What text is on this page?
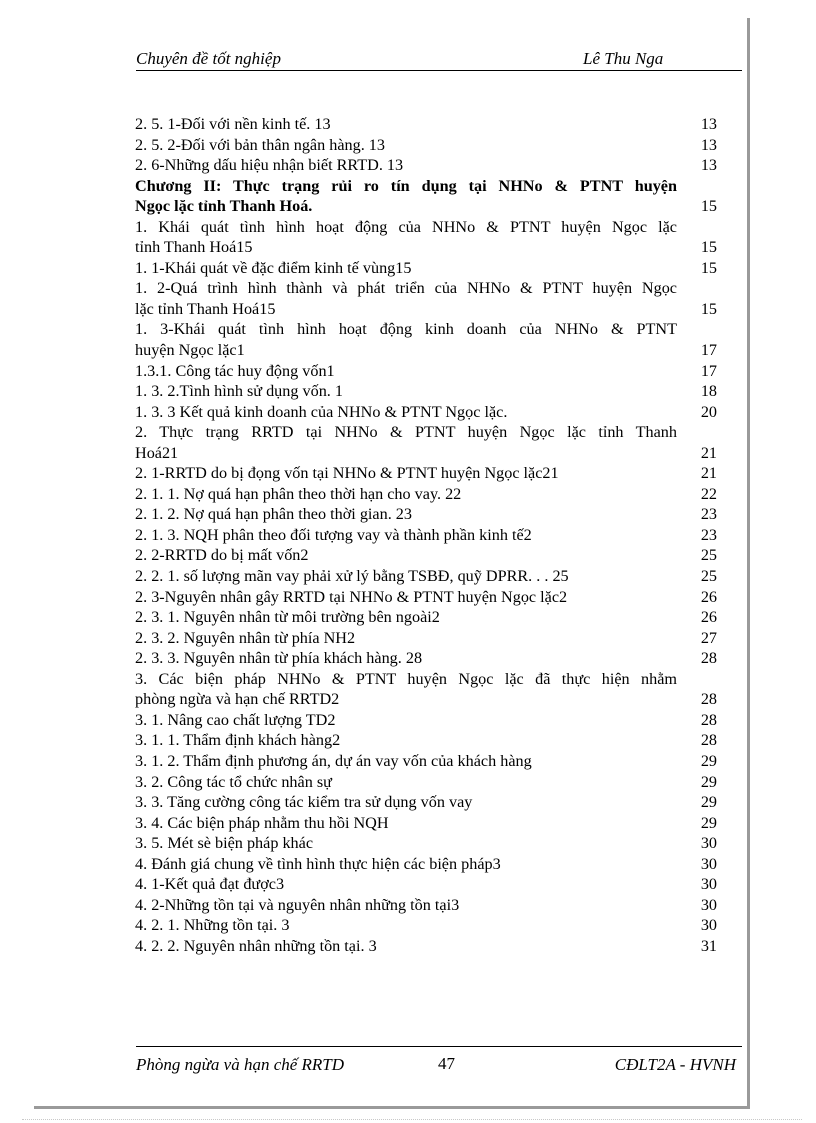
Chuyên đề tốt nghiệp	Lê Thu Nga
2. 5. 1-Đối với nền kinh tế. 13	13
2. 5. 2-Đối với bản thân ngân hàng. 13	13
2. 6-Những dấu hiệu nhận biết RRTD. 13	13
Chương II: Thực trạng rủi ro tín dụng tại NHNo & PTNT huyện
Ngọc lặc tỉnh Thanh Hoá.	15
1. Khái quát tình hình hoạt động của NHNo & PTNT huyện Ngọc lặc
tỉnh Thanh Hoá15	15
1. 1-Khái quát về đặc điểm kinh tế vùng15	15
1. 2-Quá trình hình thành và phát triển của NHNo & PTNT huyện Ngọc
lặc tỉnh Thanh Hoá15	15
1. 3-Khái quát tình hình hoạt động kinh doanh của NHNo & PTNT
huyện Ngọc lặc1	17
1.3.1. Công tác huy động vốn1	17
1. 3. 2.Tình hình sử dụng vốn. 1	18
1. 3. 3 Kết quả kinh doanh của NHNo & PTNT Ngọc lặc.	20
2. Thực trạng RRTD tại NHNo & PTNT huyện Ngọc lặc tỉnh Thanh
Hoá21	21
2. 1-RRTD do bị đọng vốn tại NHNo & PTNT huyện Ngọc lặc21	21
2. 1. 1. Nợ quá hạn phân theo thời hạn cho vay. 22	22
2. 1. 2. Nợ quá hạn phân theo thời gian. 23	23
2. 1. 3. NQH phân theo đối tượng vay và thành phần kinh tế2	23
2. 2-RRTD do bị mất vốn2	25
2. 2. 1. số lượng mãn vay phải xử lý bằng TSBĐ, quỹ DPRR. . . 25	25
2. 3-Nguyên nhân gây RRTD tại NHNo & PTNT huyện Ngọc lặc2	26
2. 3. 1. Nguyên nhân từ môi trường bên ngoài2	26
2. 3. 2. Nguyên nhân từ phía NH2	27
2. 3. 3. Nguyên nhân từ phía khách hàng. 28	28
3. Các biện pháp NHNo & PTNT huyện Ngọc lặc đã thực hiện nhằm
phòng ngừa và hạn chế RRTD2	28
3. 1. Nâng cao chất lượng TD2	28
3. 1. 1. Thẩm định khách hàng2	28
3. 1. 2. Thẩm định phương án, dự án vay vốn của khách hàng	29
3. 2. Công tác tổ chức nhân sự	29
3. 3. Tăng cường công tác kiểm tra sử dụng vốn vay	29
3. 4. Các biện pháp nhằm thu hồi NQH	29
3. 5. Mét sè biện pháp khác	30
4. Đánh giá chung về tình hình thực hiện các biện pháp3	30
4. 1-Kết quả đạt được3	30
4. 2-Những tồn tại và nguyên nhân những tồn tại3	30
4. 2. 1. Những tồn tại. 3	30
4. 2. 2. Nguyên nhân những tồn tại. 3	31
Phòng ngừa và hạn chế RRTD	47	CĐLT2A - HVNH
